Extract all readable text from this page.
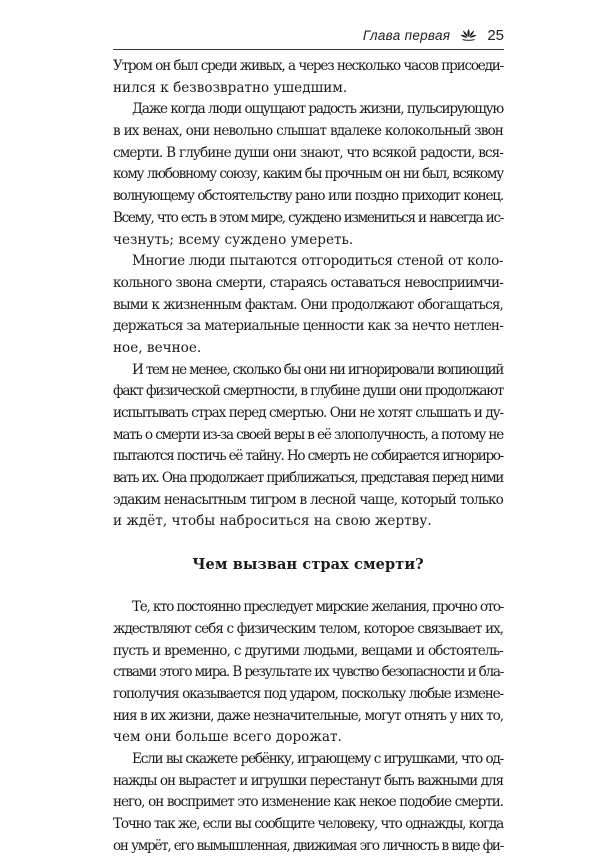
Глава первая 25
Утром он был среди живых, а через несколько часов присоеди-
нился к безвозвратно ушедшим.
Даже когда люди ощущают радость жизни, пульсирующую
в их венах, они невольно слышат вдалеке колокольный звон
смерти. В глубине души они знают, что всякой радости, вся-
кому любовному союзу, каким бы прочным он ни был, всякому
волнующему обстоятельству рано или поздно приходит конец.
Всему, что есть в этом мире, суждено измениться и навсегда ис-
чезнуть; всему суждено умереть.
Многие люди пытаются отгородиться стеной от коло-
кольного звона смерти, стараясь оставаться невосприимчи-
выми к жизненным фактам. Они продолжают обогащаться,
держаться за материальные ценности как за нечто нетлен-
ное, вечное.
И тем не менее, сколько бы они ни игнорировали вопиющий
факт физической смертности, в глубине души они продолжают
испытывать страх перед смертью. Они не хотят слышать и ду-
мать о смерти из-за своей веры в её злополучность, а потому не
пытаются постичь её тайну. Но смерть не собирается игнориро-
вать их. Она продолжает приближаться, представая перед ними
эдаким ненасытным тигром в лесной чаще, который только
и ждёт, чтобы наброситься на свою жертву.
Чем вызван страх смерти?
Те, кто постоянно преследует мирские желания, прочно ото-
ждествляют себя с физическим телом, которое связывает их,
пусть и временно, с другими людьми, вещами и обстоятель-
ствами этого мира. В результате их чувство безопасности и бла-
гополучия оказывается под ударом, поскольку любые измене-
ния в их жизни, даже незначительные, могут отнять у них то,
чем они больше всего дорожат.
Если вы скажете ребёнку, играющему с игрушками, что од-
нажды он вырастет и игрушки перестанут быть важными для
него, он воспримет это изменение как некое подобие смерти.
Точно так же, если вы сообщите человеку, что однажды, когда
он умрёт, его вымышленная, движимая эго личность в виде фи-
